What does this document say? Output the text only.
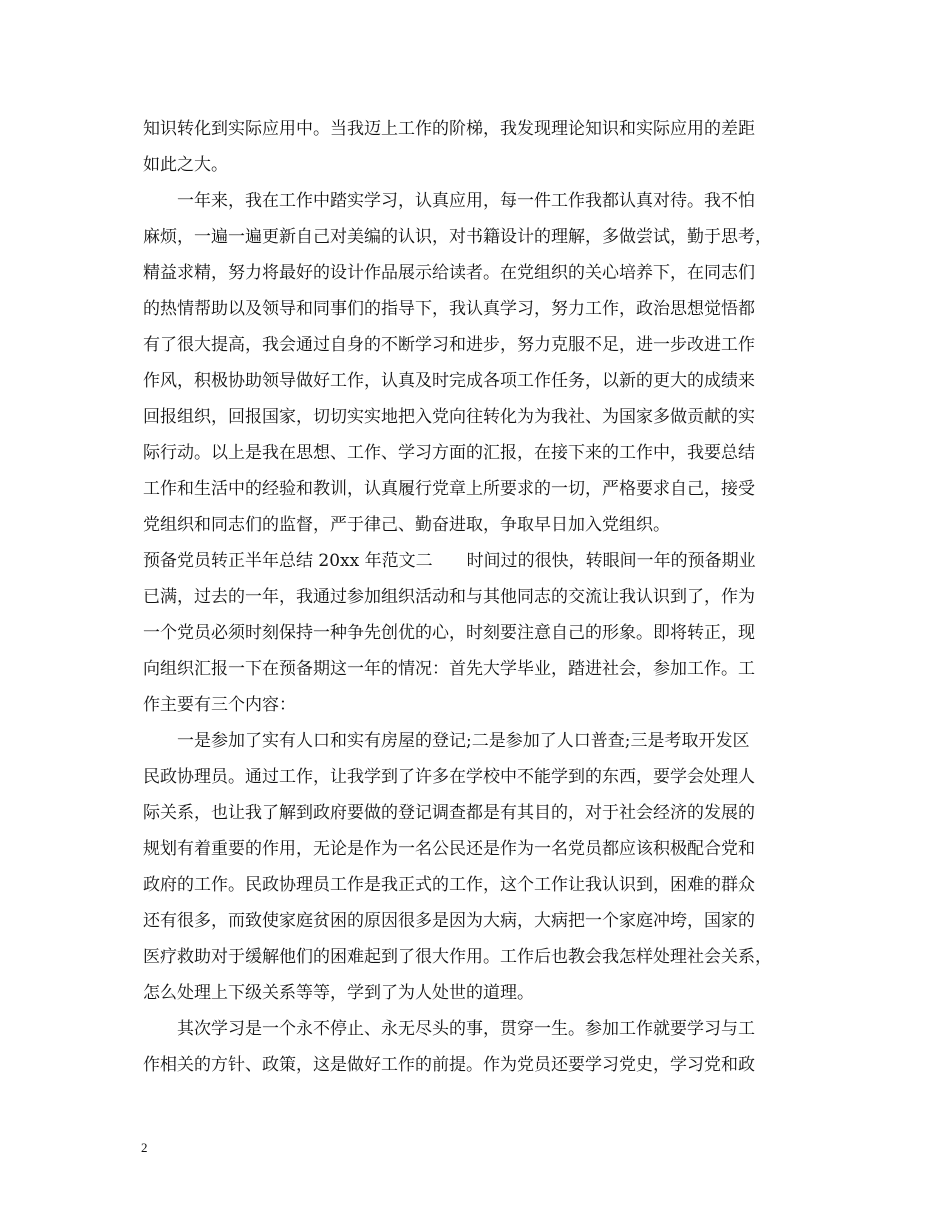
知识转化到实际应用中。当我迈上工作的阶梯，我发现理论知识和实际应用的差距
如此之大。
　　一年来，我在工作中踏实学习，认真应用，每一件工作我都认真对待。我不怕
麻烦，一遍一遍更新自己对美编的认识，对书籍设计的理解，多做尝试，勤于思考，
精益求精，努力将最好的设计作品展示给读者。在党组织的关心培养下，在同志们
的热情帮助以及领导和同事们的指导下，我认真学习，努力工作，政治思想觉悟都
有了很大提高，我会通过自身的不断学习和进步，努力克服不足，进一步改进工作
作风，积极协助领导做好工作，认真及时完成各项工作任务，以新的更大的成绩来
回报组织，回报国家，切切实实地把入党向往转化为为我社、为国家多做贡献的实
际行动。以上是我在思想、工作、学习方面的汇报，在接下来的工作中，我要总结
工作和生活中的经验和教训，认真履行党章上所要求的一切，严格要求自己，接受
党组织和同志们的监督，严于律己、勤奋进取，争取早日加入党组织。
预备党员转正半年总结 20xx 年范文二　　时间过的很快，转眼间一年的预备期业
已满，过去的一年，我通过参加组织活动和与其他同志的交流让我认识到了，作为
一个党员必须时刻保持一种争先创优的心，时刻要注意自己的形象。即将转正，现
向组织汇报一下在预备期这一年的情况：首先大学毕业，踏进社会，参加工作。工
作主要有三个内容：
　　一是参加了实有人口和实有房屋的登记;二是参加了人口普查;三是考取开发区
民政协理员。通过工作，让我学到了许多在学校中不能学到的东西，要学会处理人
际关系，也让我了解到政府要做的登记调查都是有其目的，对于社会经济的发展的
规划有着重要的作用，无论是作为一名公民还是作为一名党员都应该积极配合党和
政府的工作。民政协理员工作是我正式的工作，这个工作让我认识到，困难的群众
还有很多，而致使家庭贫困的原因很多是因为大病，大病把一个家庭冲垮，国家的
医疗救助对于缓解他们的困难起到了很大作用。工作后也教会我怎样处理社会关系，
怎么处理上下级关系等等，学到了为人处世的道理。
　　其次学习是一个永不停止、永无尽头的事，贯穿一生。参加工作就要学习与工
作相关的方针、政策，这是做好工作的前提。作为党员还要学习党史，学习党和政
2
